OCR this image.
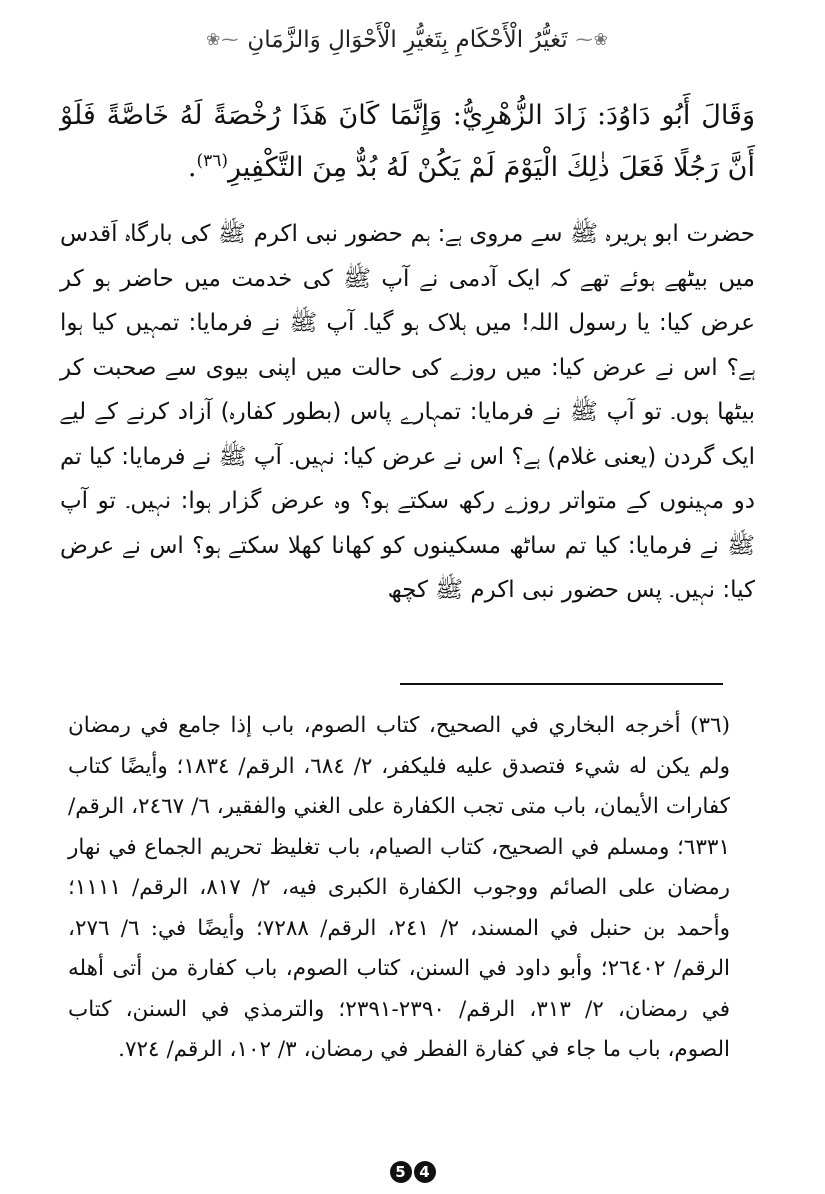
❀⁓
تَغيُّرُ الْأَحْكَامِ بِتَغيُّرِ الْأَحْوَالِ وَالزَّمَانِ
⁓❀
وَقَالَ أَبُو دَاوُدَ: زَادَ الزُّهْرِيُّ: وَإِنَّمَا كَانَ هَذَا رُخْصَةً لَهُ خَاصَّةً فَلَوْ أَنَّ رَجُلًا فَعَلَ ذٰلِكَ الْيَوْمَ لَمْ يَكُنْ لَهُ بُدٌّ مِنَ التَّكْفِيرِ$^{(٣٦)}$.
حضرت ابو ہریرہ ﷺ سے مروی ہے: ہم حضور نبی اکرم ﷺ کی بارگاہ اَقدس میں بیٹھے ہوئے تھے کہ ایک آدمی نے آپ ﷺ کی خدمت میں حاضر ہو کر عرض کیا: یا رسول اللہ! میں ہلاک ہو گیا۔ آپ ﷺ نے فرمایا: تمہیں کیا ہوا ہے؟ اس نے عرض کیا: میں روزے کی حالت میں اپنی بیوی سے صحبت کر بیٹھا ہوں۔ تو آپ ﷺ نے فرمایا: تمہارے پاس (بطور کفارہ) آزاد کرنے کے لیے ایک گردن (یعنی غلام) ہے؟ اس نے عرض کیا: نہیں۔ آپ ﷺ نے فرمایا: کیا تم دو مہینوں کے متواتر روزے رکھ سکتے ہو؟ وہ عرض گزار ہوا: نہیں۔ تو آپ ﷺ نے فرمایا: کیا تم ساٹھ مسکینوں کو کھانا کھلا سکتے ہو؟ اس نے عرض کیا: نہیں۔ پس حضور نبی اکرم ﷺ کچھ
(٣٦) أخرجه البخاري في الصحيح، كتاب الصوم، باب إذا جامع في رمضان ولم يكن له شيء فتصدق عليه فليكفر، ٢/ ٦٨٤، الرقم/ ١٨٣٤؛ وأيضًا كتاب كفارات الأيمان، باب متى تجب الكفارة على الغني والفقير، ٦/ ٢٤٦٧، الرقم/ ٦٣٣١؛ ومسلم في الصحيح، كتاب الصيام، باب تغليظ تحريم الجماع في نهار رمضان على الصائم ووجوب الكفارة الكبرى فيه، ٢/ ٨١٧، الرقم/ ١١١١؛ وأحمد بن حنبل في المسند، ٢/ ٢٤١، الرقم/ ٧٢٨٨؛ وأيضًا في: ٦/ ٢٧٦، الرقم/ ٢٦٤٠٢؛ وأبو داود في السنن، كتاب الصوم، باب كفارة من أتى أهله في رمضان، ٢/ ٣١٣، الرقم/ ٢٣٩٠-٢٣٩١؛ والترمذي في السنن، كتاب الصوم، باب ما جاء في كفارة الفطر في رمضان، ٣/ ١٠٢، الرقم/ ٧٢٤.
5 4
